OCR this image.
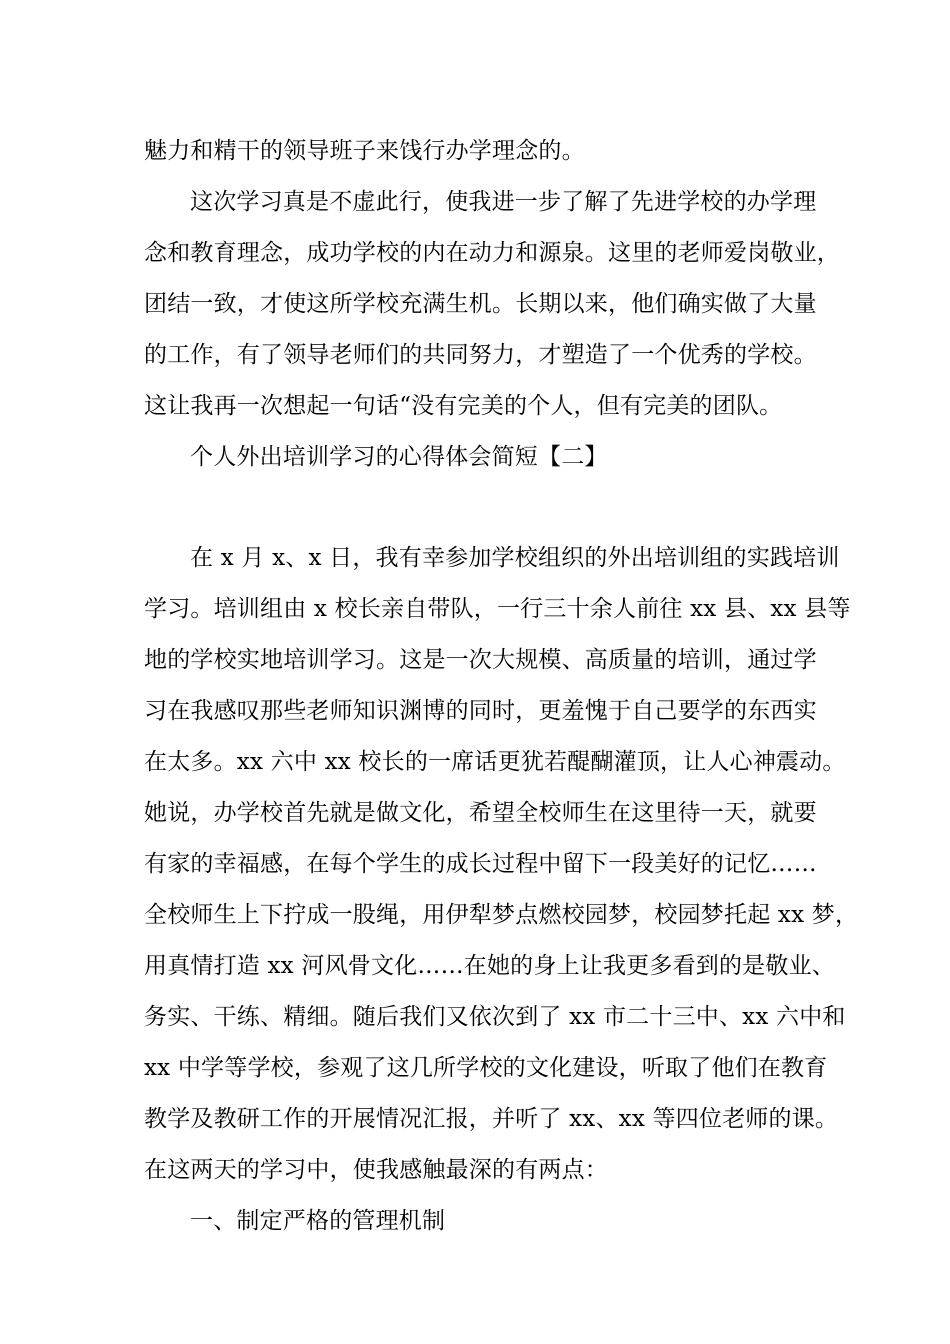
魅力和精干的领导班子来饯行办学理念的。
这次学习真是不虚此行，使我进一步了解了先进学校的办学理
念和教育理念，成功学校的内在动力和源泉。这里的老师爱岗敬业，
团结一致，才使这所学校充满生机。长期以来，他们确实做了大量
的工作，有了领导老师们的共同努力，才塑造了一个优秀的学校。
这让我再一次想起一句话“没有完美的个人，但有完美的团队。
个人外出培训学习的心得体会简短【二】
在 x 月 x、x 日，我有幸参加学校组织的外出培训组的实践培训
学习。培训组由 x 校长亲自带队，一行三十余人前往 xx 县、xx 县等
地的学校实地培训学习。这是一次大规模、高质量的培训，通过学
习在我感叹那些老师知识渊博的同时，更羞愧于自己要学的东西实
在太多。xx 六中 xx 校长的一席话更犹若醍醐灌顶，让人心神震动。
她说，办学校首先就是做文化，希望全校师生在这里待一天，就要
有家的幸福感，在每个学生的成长过程中留下一段美好的记忆……
全校师生上下拧成一股绳，用伊犁梦点燃校园梦，校园梦托起 xx 梦，
用真情打造 xx 河风骨文化……在她的身上让我更多看到的是敬业、
务实、干练、精细。随后我们又依次到了 xx 市二十三中、xx 六中和
xx 中学等学校，参观了这几所学校的文化建设，听取了他们在教育
教学及教研工作的开展情况汇报，并听了 xx、xx 等四位老师的课。
在这两天的学习中，使我感触最深的有两点：
一、制定严格的管理机制
